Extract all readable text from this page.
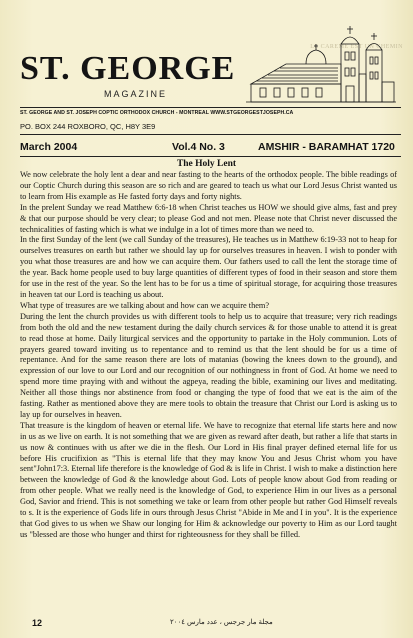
LE CAREME EST UN CHEMIN
ST. GEORGE
MAGAZINE
ST. GEORGE AND ST. JOSEPH COPTIC ORTHODOX CHURCH - MONTREAL WWW.STGEORGESTJOSEPH.CA
PO. BOX 244 ROXBORO, QC, H8Y 3E9
March 2004	Vol.4 No. 3	AMSHIR - BARAMHAT 1720
The Holy Lent

We now celebrate the holy lent a dear and near fasting to the hearts of the orthodox people. The bible readings of our Coptic Church during this season are so rich and are geared to teach us what our Lord Jesus Christ wanted us to learn from His example as He fasted forty days and forty nights.

In the prelent Sunday we read Matthew 6:6-18 when Christ teaches us HOW we should give alms, fast and prey & that our purpose should be very clear; to please God and not men. Please note that Christ never discussed the technicalities of fasting which is what we indulge in a lot of times more than we need to.

In the first Sunday of the lent (we call Sunday of the treasures), He teaches us in Matthew 6:19-33 not to heap for ourselves treasures on earth but rather we should lay up for ourselves treasures in heaven. I wish to ponder with you what those treasures are and how we can acquire them. Our fathers used to call the lent the storage time of the year. Back home people used to buy large quantities of different types of food in their season and store them for use in the rest of the year. So the lent has to be for us a time of spiritual storage, for acquiring those treasures in heaven tat our Lord is teaching us about.

What type of treasures are we talking about and how can we acquire them?

During the lent the church provides us with different tools to help us to acquire that treasure; very rich readings from both the old and the new testament during the daily church services & for those unable to attend it is great to read those at home. Daily liturgical services and the opportunity to partake in the Holy communion. Lots of prayers geared toward inviting us to repentance and to remind us that the lent should be for us a time of repentance. And for the same reason there are lots of matanias (bowing the knees down to the ground), and expression of our love to our Lord and our recognition of our nothingness in front of God. At home we need to spend more time praying with and without the agpeya, reading the bible, examining our lives and meditating. Neither all those things nor abstinence from food or changing the type of food that we eat is the aim of the fasting. Rather as mentioned above they are mere tools to obtain the treasure that Christ our Lord is asking us to lay up for ourselves in heaven.

That treasure is the kingdom of heaven or eternal life. We have to recognize that eternal life starts here and now in us as we live on earth. It is not something that we are given as reward after death, but rather a life that starts in us now & continues with us after we die in the flesh. Our Lord in His final prayer defined eternal life for us before His crucifixion as "This is eternal life that they may know You and Jesus Christ whom you have sent"John17:3. Eternal life therefore is the knowledge of God & is life in Christ. I wish to make a distinction here between the knowledge of God & the knowledge about God. Lots of people know about God from reading or from other people. What we really need is the knowledge of God, to experience Him in our lives as a personal God, Savior and friend. This is not something we take or learn from other people but rather God Himself reveals to s. It is the experience of Gods life in ours through Jesus Christ "Abide in Me and I in you". It is the experience that God gives to us when we Shaw our longing for Him & acknowledge our poverty to Him as our Lord taught us "blessed are those who hunger and thirst for righteousness for they shall be filled.

12	مجلة مار جرجس ، عدد مارس ٢٠٠٤
